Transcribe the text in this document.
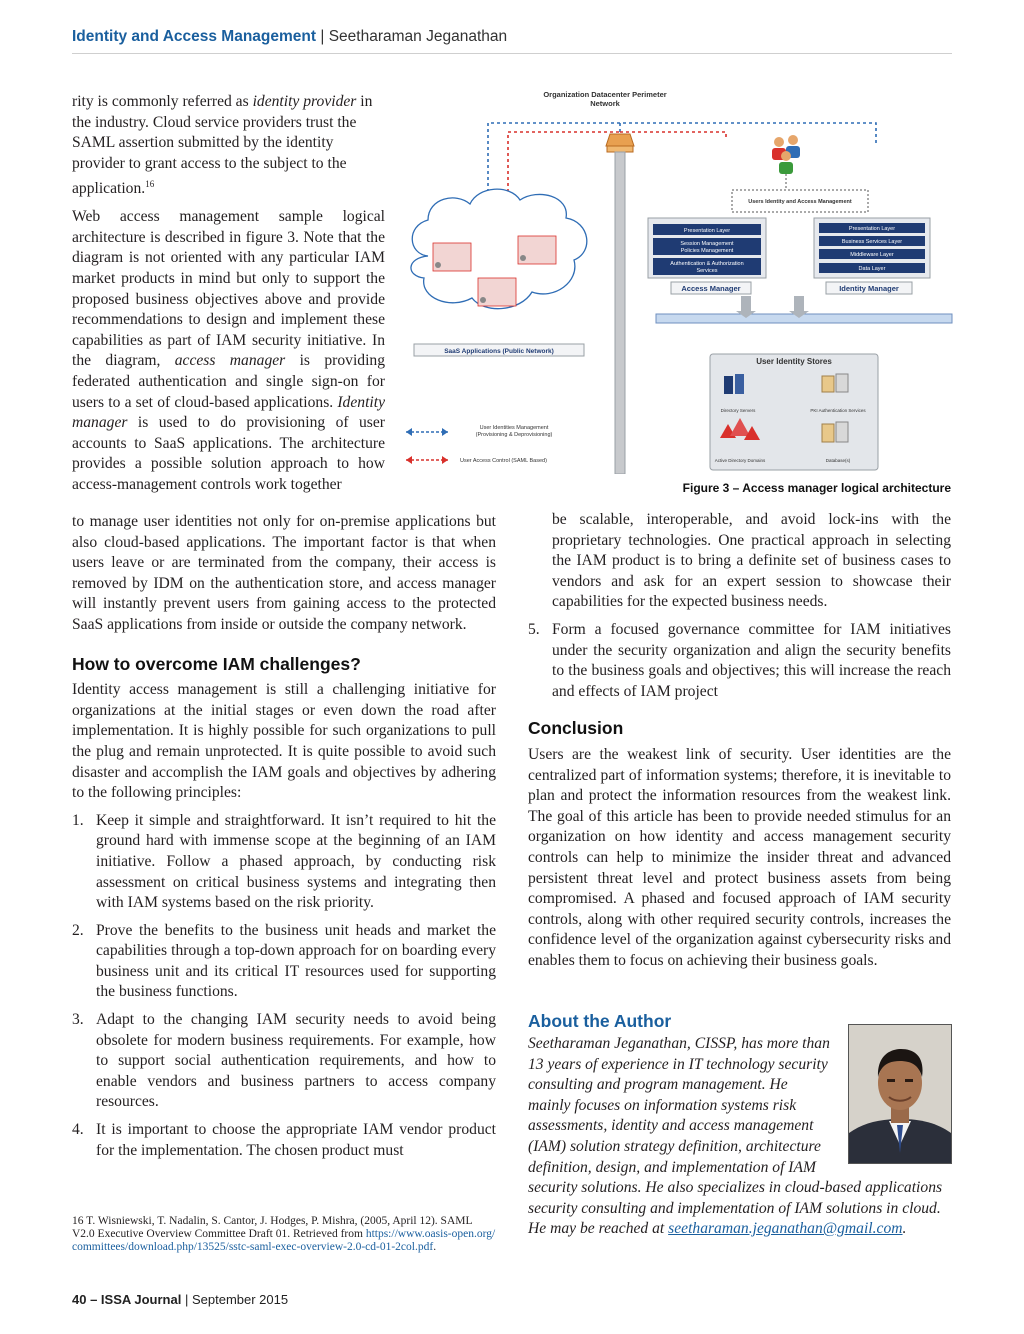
Identity and Access Management | Seetharaman Jeganathan

rity is commonly referred as identity provider in the industry. Cloud service providers trust the SAML assertion submitted by the identity provider to grant access to the subject to the application.$^{16}$

Web access management sample logical architecture is described in figure 3. Note that the diagram is not oriented with any particular IAM market products in mind but only to support the proposed business objectives above and provide recommendations to design and implement these capabilities as part of IAM security initiative. In the diagram, access manager is providing federated authentication and single sign-on for users to a set of cloud-based applications. Identity manager is used to do provisioning of user accounts to SaaS applications. The architecture provides a possible solution approach to how access-management controls work together

to manage user identities not only for on-premise applications but also cloud-based applications. The important factor is that when users leave or are terminated from the company, their access is removed by IDM on the authentication store, and access manager will instantly prevent users from gaining access to the protected SaaS applications from inside or outside the company network.

How to overcome IAM challenges?

Identity access management is still a challenging initiative for organizations at the initial stages or even down the road after implementation. It is highly possible for such organizations to pull the plug and remain unprotected. It is quite possible to avoid such disaster and accomplish the IAM goals and objectives by adhering to the following principles:

1. Keep it simple and straightforward. It isn’t required to hit the ground hard with immense scope at the beginning of an IAM initiative. Follow a phased approach, by conducting risk assessment on critical business systems and integrating then with IAM systems based on the risk priority.
2. Prove the benefits to the business unit heads and market the capabilities through a top-down approach for on boarding every business unit and its critical IT resources used for supporting the business functions.
3. Adapt to the changing IAM security needs to avoid being obsolete for modern business requirements. For example, how to support social authentication requirements, and how to enable vendors and business partners to access company resources.
4. It is important to choose the appropriate IAM vendor product for the implementation. The chosen product must
16 T. Wisniewski, T. Nadalin, S. Cantor, J. Hodges, P. Mishra, (2005, April 12). SAML V2.0 Executive Overview Committee Draft 01. Retrieved from https://www.oasis-open.org/committees/download.php/13525/sstc-saml-exec-overview-2.0-cd-01-2col.pdf.
40 – ISSA Journal | September 2015
Organization Datacenter Perimeter
Network
Users Identity and Access Management
Presentation Layer
Session Management
Policies Management
Authentication & Authorization
Services
Access Manager
Presentation Layer
Business Services Layer
Middleware Layer
Data Layer
Identity Manager
SaaS Applications (Public Network)
User Identity Stores
Directory Servers	PKI Authentication Services
Active Directory Domains	Database(s)
User Identities Management
(Provisioning & Deprovisioning)
User Access Control (SAML Based)
Figure 3 – Access manager logical architecture

be scalable, interoperable, and avoid lock-ins with the proprietary technologies. One practical approach in selecting the IAM product is to bring a definite set of business cases to vendors and ask for an expert session to showcase their capabilities for the expected business needs.

5. Form a focused governance committee for IAM initiatives under the security organization and align the security benefits to the business goals and objectives; this will increase the reach and effects of IAM project
Conclusion

Users are the weakest link of security. User identities are the centralized part of information systems; therefore, it is inevitable to plan and protect the information resources from the weakest link. The goal of this article has been to provide needed stimulus for an organization on how identity and access management security controls can help to minimize the insider threat and advanced persistent threat level and protect business assets from being compromised. A phased and focused approach of IAM security controls, along with other required security controls, increases the confidence level of the organization against cybersecurity risks and enables them to focus on achieving their business goals.

About the Author
Seetharaman Jeganathan, CISSP, has more than 13 years of experience in IT technology security consulting and program management. He mainly focuses on information systems risk assessments, identity and access management (IAM) solution strategy definition, architecture definition, design, and implementation of IAM security solutions. He also specializes in cloud-based applications security consulting and implementation of IAM solutions in cloud. He may be reached at seetharaman.jeganathan@gmail.com.
